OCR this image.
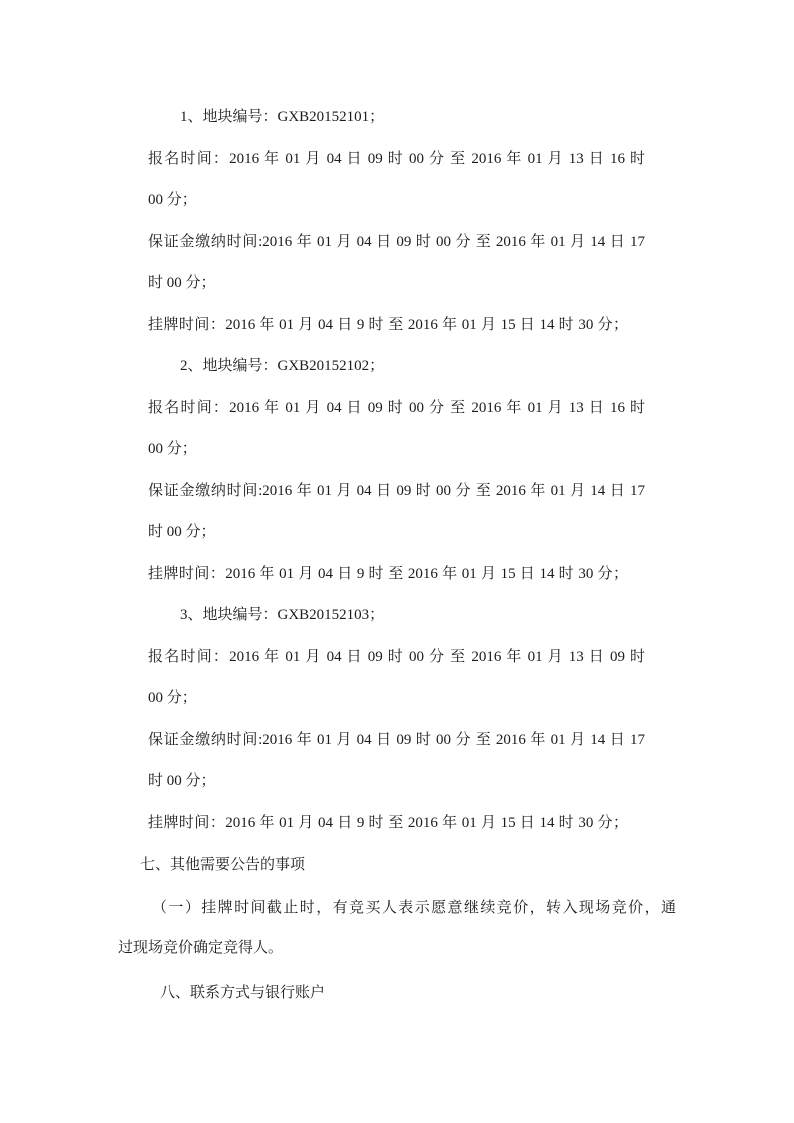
1、地块编号：GXB20152101；
报名时间：2016 年 01 月 04 日 09 时 00 分 至 2016 年 01 月 13 日 16 时
00 分；
保证金缴纳时间:2016 年 01 月 04 日 09 时 00 分 至 2016 年 01 月 14 日 17
时 00 分；
挂牌时间：2016 年 01 月 04 日 9 时 至 2016 年 01 月 15 日 14 时 30 分；
2、地块编号：GXB20152102；
报名时间：2016 年 01 月 04 日 09 时 00 分 至 2016 年 01 月 13 日 16 时
00 分；
保证金缴纳时间:2016 年 01 月 04 日 09 时 00 分 至 2016 年 01 月 14 日 17
时 00 分；
挂牌时间：2016 年 01 月 04 日 9 时 至 2016 年 01 月 15 日 14 时 30 分；
3、地块编号：GXB20152103；
报名时间：2016 年 01 月 04 日 09 时 00 分 至 2016 年 01 月 13 日 09 时
00 分；
保证金缴纳时间:2016 年 01 月 04 日 09 时 00 分 至 2016 年 01 月 14 日 17
时 00 分；
挂牌时间：2016 年 01 月 04 日 9 时 至 2016 年 01 月 15 日 14 时 30 分；
七、其他需要公告的事项
（一）挂牌时间截止时，有竞买人表示愿意继续竞价，转入现场竞价，通
过现场竞价确定竞得人。
八、联系方式与银行账户
